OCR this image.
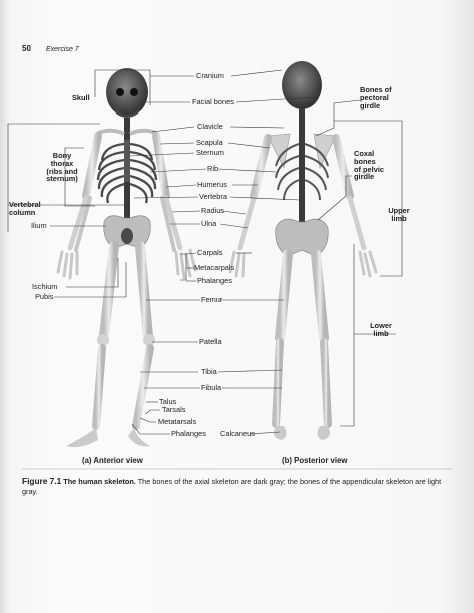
50 Exercise 7
Cranium
Skull	Facial bones
Bones of
pectoral
girdle
Clavicle
Scapula
Sternum
Bony
thorax
(ribs and
sternum)
Rib
Coxal
bones
of pelvic
girdle
Humerus
Vertebra
Vertebral
column	Radius	Upper
limb
Ulna
Ilium
Carpals
Metacarpals
Phalanges
Ischium
Pubis	Femur
Lower
limb
Patella
Tibia
Fibula
Talus
Tarsals
Metatarsals
Phalanges Calcaneus
(a) Anterior view	(b) Posterior view
Figure 7.1 The human skeleton. The bones of the axial skeleton are dark gray; the bones of the appendicular skeleton are light gray.
